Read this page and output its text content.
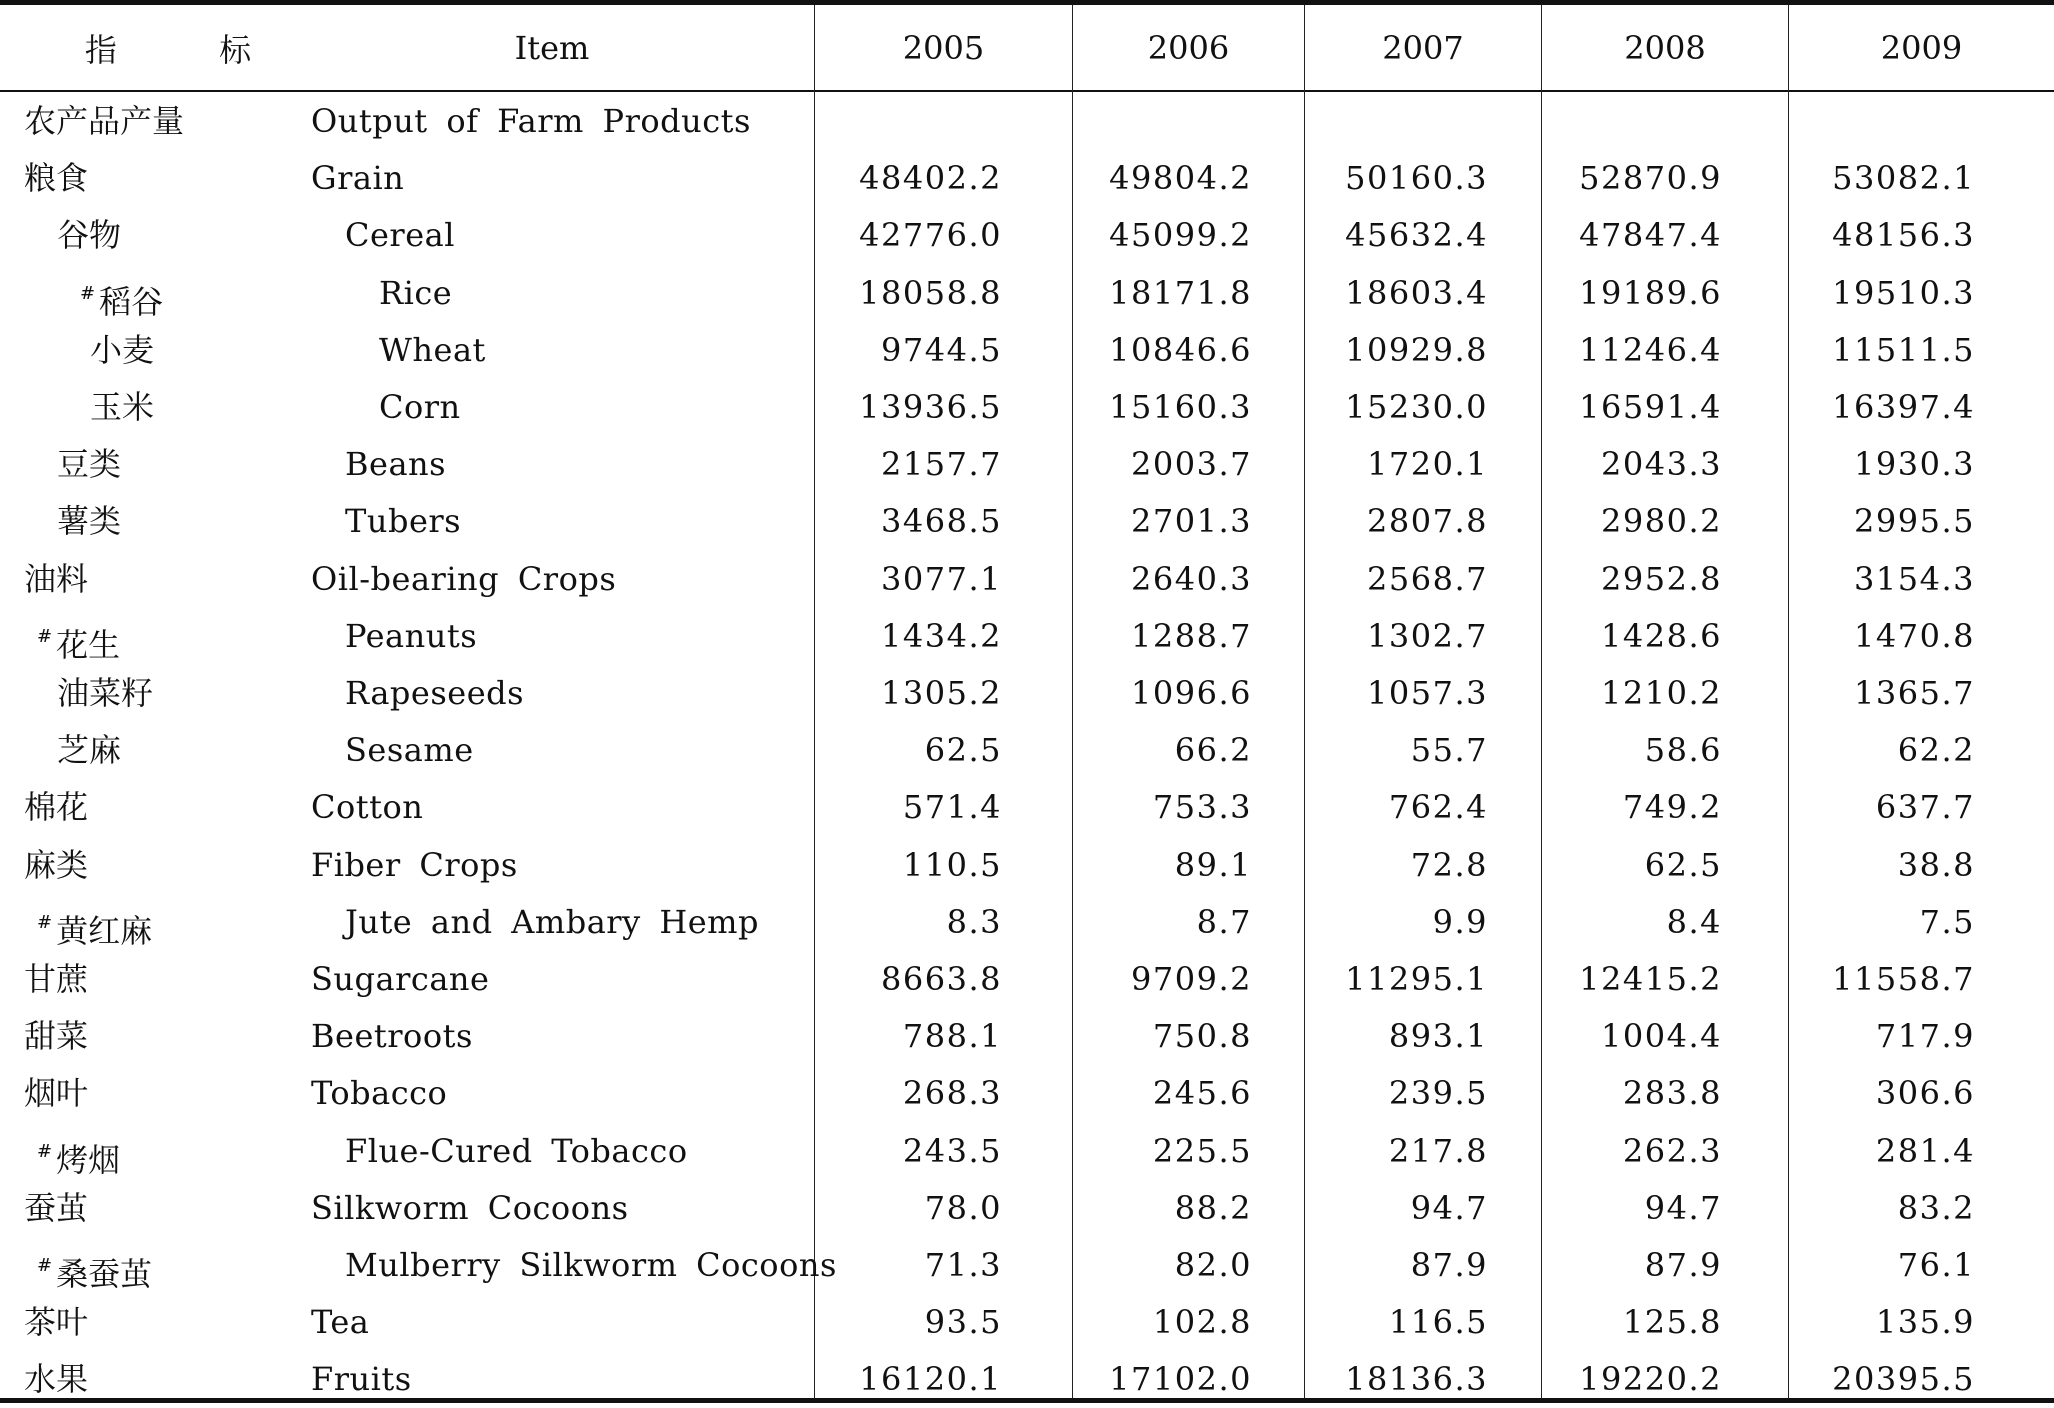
指 标	Item	2005	2006	2007	2008	2009
农产品产量	Output of Farm Products
粮食	Grain	48402.2	49804.2	50160.3	52870.9	53082.1
谷物	Cereal	42776.0	45099.2	45632.4	47847.4	48156.3
# 稻谷	Rice	18058.8	18171.8	18603.4	19189.6	19510.3
小麦	Wheat	9744.5	10846.6	10929.8	11246.4	11511.5
玉米	Corn	13936.5	15160.3	15230.0	16591.4	16397.4
豆类	Beans	2157.7	2003.7	1720.1	2043.3	1930.3
薯类	Tubers	3468.5	2701.3	2807.8	2980.2	2995.5
油料	Oil-bearing Crops	3077.1	2640.3	2568.7	2952.8	3154.3
# 花生	Peanuts	1434.2	1288.7	1302.7	1428.6	1470.8
油菜籽	Rapeseeds	1305.2	1096.6	1057.3	1210.2	1365.7
芝麻	Sesame	62.5	66.2	55.7	58.6	62.2
棉花	Cotton	571.4	753.3	762.4	749.2	637.7
麻类	Fiber Crops	110.5	89.1	72.8	62.5	38.8
# 黄红麻	Jute and Ambary Hemp	8.3	8.7	9.9	8.4	7.5
甘蔗	Sugarcane	8663.8	9709.2	11295.1	12415.2	11558.7
甜菜	Beetroots	788.1	750.8	893.1	1004.4	717.9
烟叶	Tobacco	268.3	245.6	239.5	283.8	306.6
# 烤烟	Flue-Cured Tobacco	243.5	225.5	217.8	262.3	281.4
蚕茧	Silkworm Cocoons	78.0	88.2	94.7	94.7	83.2
# 桑蚕茧	Mulberry Silkworm Cocoons	71.3	82.0	87.9	87.9	76.1
茶叶	Tea	93.5	102.8	116.5	125.8	135.9
水果	Fruits	16120.1	17102.0	18136.3	19220.2	20395.5
